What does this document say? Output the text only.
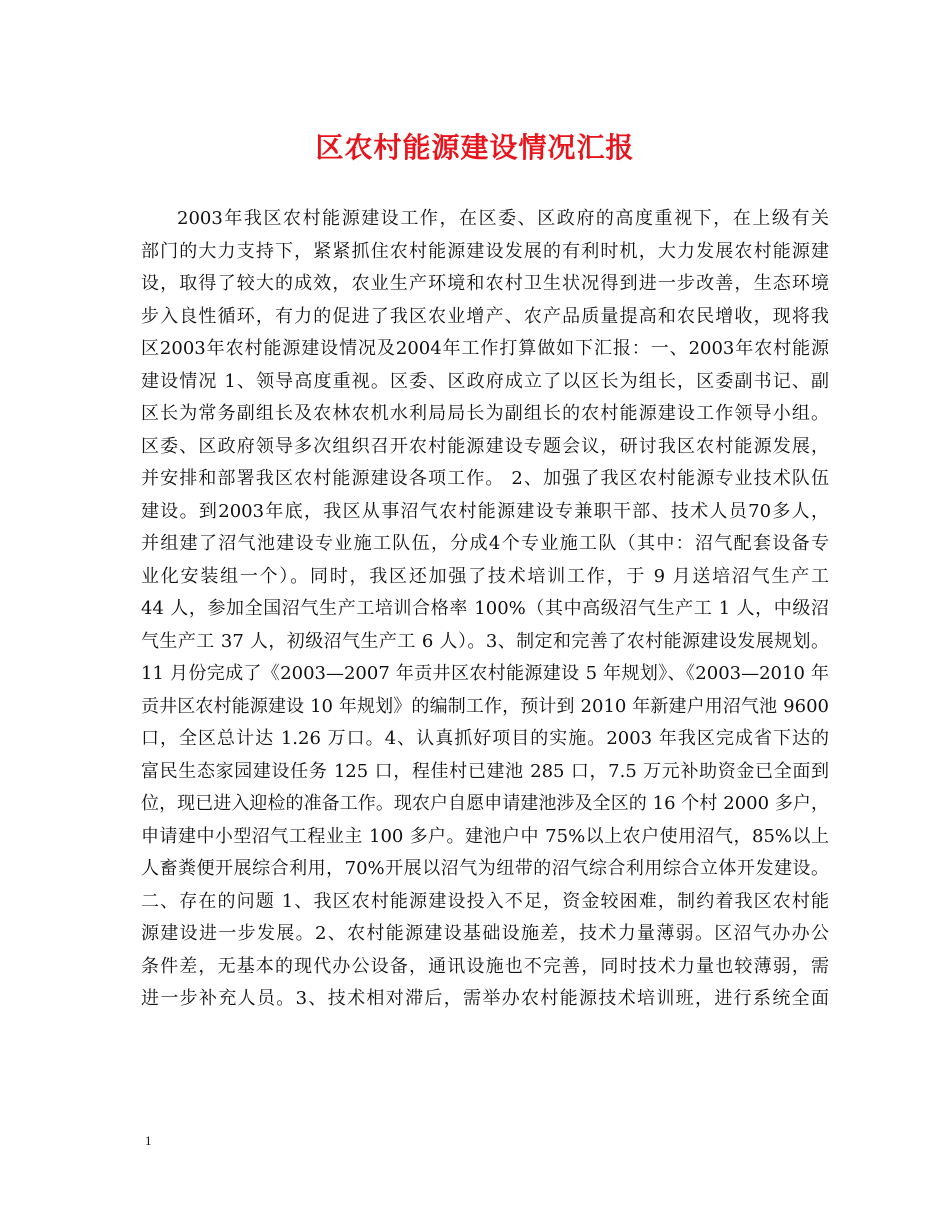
区农村能源建设情况汇报
2003年我区农村能源建设工作，在区委、区政府的高度重视下，在上级有关
部门的大力支持下，紧紧抓住农村能源建设发展的有利时机，大力发展农村能源建
设，取得了较大的成效，农业生产环境和农村卫生状况得到进一步改善，生态环境
步入良性循环，有力的促进了我区农业增产、农产品质量提高和农民增收，现将我
区2003年农村能源建设情况及2004年工作打算做如下汇报：一、2003年农村能源
建设情况 1、领导高度重视。区委、区政府成立了以区长为组长，区委副书记、副
区长为常务副组长及农林农机水利局局长为副组长的农村能源建设工作领导小组。
区委、区政府领导多次组织召开农村能源建设专题会议，研讨我区农村能源发展，
并安排和部署我区农村能源建设各项工作。 2、加强了我区农村能源专业技术队伍
建设。到2003年底，我区从事沼气农村能源建设专兼职干部、技术人员70多人，
并组建了沼气池建设专业施工队伍，分成4个专业施工队（其中：沼气配套设备专
业化安装组一个）。同时，我区还加强了技术培训工作，于 9 月送培沼气生产工
44 人，参加全国沼气生产工培训合格率 100%（其中高级沼气生产工 1 人，中级沼
气生产工 37 人，初级沼气生产工 6 人）。3、制定和完善了农村能源建设发展规划。
11 月份完成了《2003—2007 年贡井区农村能源建设 5 年规划》、《2003—2010 年
贡井区农村能源建设 10 年规划》的编制工作，预计到 2010 年新建户用沼气池 9600
口，全区总计达 1.26 万口。4、认真抓好项目的实施。2003 年我区完成省下达的
富民生态家园建设任务 125 口，程佳村已建池 285 口，7.5 万元补助资金已全面到
位，现已进入迎检的准备工作。现农户自愿申请建池涉及全区的 16 个村 2000 多户，
申请建中小型沼气工程业主 100 多户。建池户中 75%以上农户使用沼气，85%以上
人畜粪便开展综合利用，70%开展以沼气为纽带的沼气综合利用综合立体开发建设。
二、存在的问题 1、我区农村能源建设投入不足，资金较困难，制约着我区农村能
源建设进一步发展。2、农村能源建设基础设施差，技术力量薄弱。区沼气办办公
条件差，无基本的现代办公设备，通讯设施也不完善，同时技术力量也较薄弱，需
进一步补充人员。3、技术相对滞后，需举办农村能源技术培训班，进行系统全面
1
